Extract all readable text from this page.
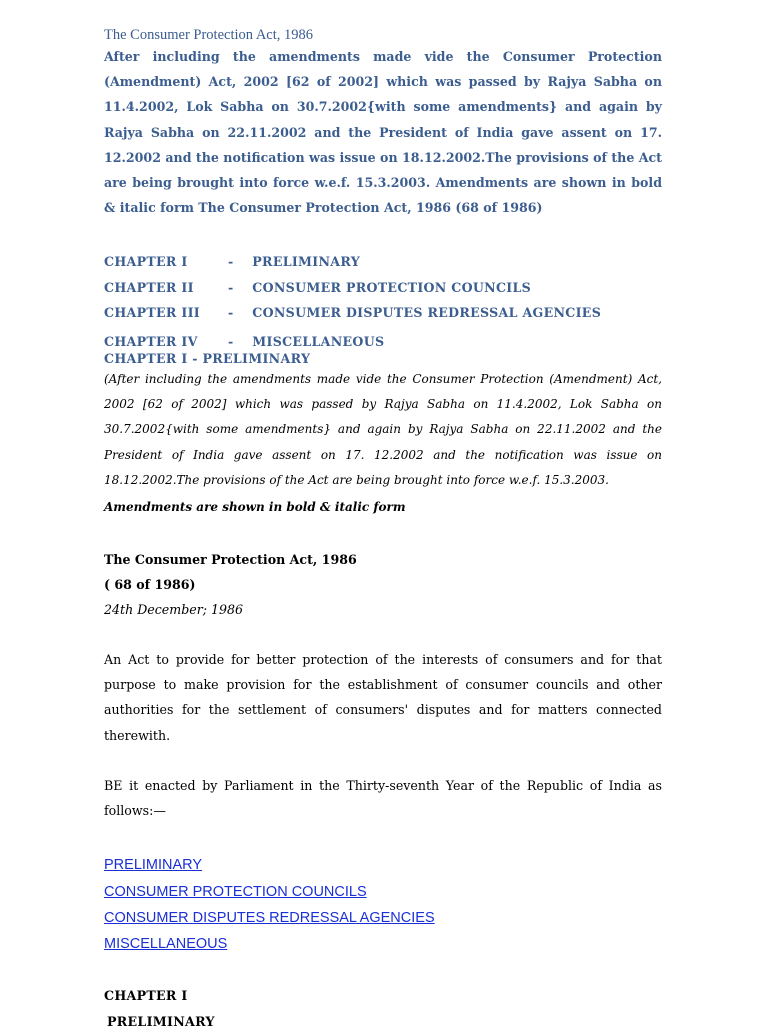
The Consumer Protection Act, 1986

After including the amendments made vide the Consumer Protection (Amendment) Act, 2002 [62 of 2002] which was passed by Rajya Sabha on 11.4.2002, Lok Sabha on 30.7.2002{with some amendments} and again by Rajya Sabha on 22.11.2002 and the President of India gave assent on 17. 12.2002 and the notification was issue on 18.12.2002.The provisions of the Act are being brought into force w.e.f. 15.3.2003. Amendments are shown in bold & italic form The Consumer Protection Act, 1986 (68 of 1986)

CHAPTER I	- PRELIMINARY
CHAPTER II	- CONSUMER PROTECTION COUNCILS
CHAPTER III - CONSUMER DISPUTES REDRESSAL AGENCIES
CHAPTER IV - MISCELLANEOUS
CHAPTER I - PRELIMINARY

(After including the amendments made vide the Consumer Protection (Amendment) Act, 2002 [62 of 2002] which was passed by Rajya Sabha on 11.4.2002, Lok Sabha on 30.7.2002{with some amendments} and again by Rajya Sabha on 22.11.2002 and the President of India gave assent on 17. 12.2002 and the notification was issue on 18.12.2002.The provisions of the Act are being brought into force w.e.f. 15.3.2003.

Amendments are shown in bold & italic form
The Consumer Protection Act, 1986
( 68 of 1986)
24th December; 1986

An Act to provide for better protection of the interests of consumers and for that purpose to make provision for the establishment of consumer councils and other authorities for the settlement of consumers' disputes and for matters connected therewith.

BE it enacted by Parliament in the Thirty-seventh Year of the Republic of India as follows:—

PRELIMINARY
CONSUMER PROTECTION COUNCILS
CONSUMER DISPUTES REDRESSAL AGENCIES
MISCELLANEOUS
CHAPTER I
PRELIMINARY
